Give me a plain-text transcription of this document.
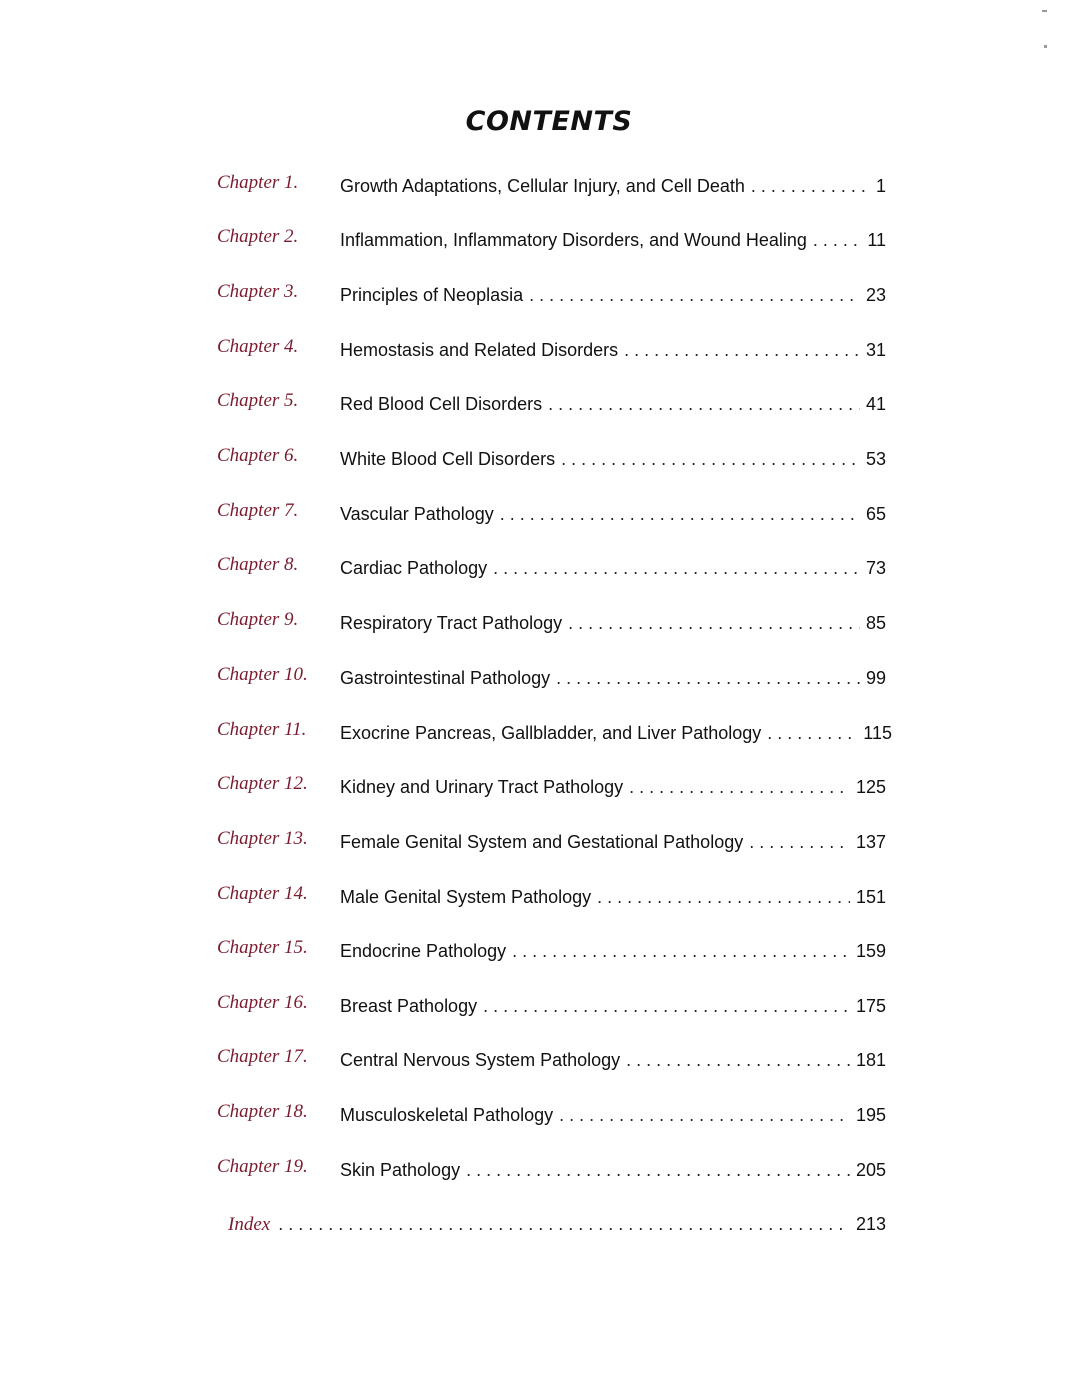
CONTENTS
Chapter 1. Growth Adaptations, Cellular Injury, and Cell Death . . .	1
Chapter 2. Inflammation, Inflammatory Disorders, and Wound Healing . . .	11
Chapter 3. Principles of Neoplasia . . .	23
Chapter 4. Hemostasis and Related Disorders . . .	31
Chapter 5. Red Blood Cell Disorders . . .	41
Chapter 6. White Blood Cell Disorders . . .	53
Chapter 7. Vascular Pathology . . .	65
Chapter 8. Cardiac Pathology . . .	73
Chapter 9. Respiratory Tract Pathology . . .	85
Chapter 10. Gastrointestinal Pathology . . .	99
Chapter 11. Exocrine Pancreas, Gallbladder, and Liver Pathology . . .	115
Chapter 12. Kidney and Urinary Tract Pathology . . .	125
Chapter 13. Female Genital System and Gestational Pathology . . .	137
Chapter 14. Male Genital System Pathology . . .	151
Chapter 15. Endocrine Pathology . . .	159
Chapter 16. Breast Pathology . . .	175
Chapter 17. Central Nervous System Pathology . . .	181
Chapter 18. Musculoskeletal Pathology . . .	195
Chapter 19. Skin Pathology . . .	205
Index . . .	213
